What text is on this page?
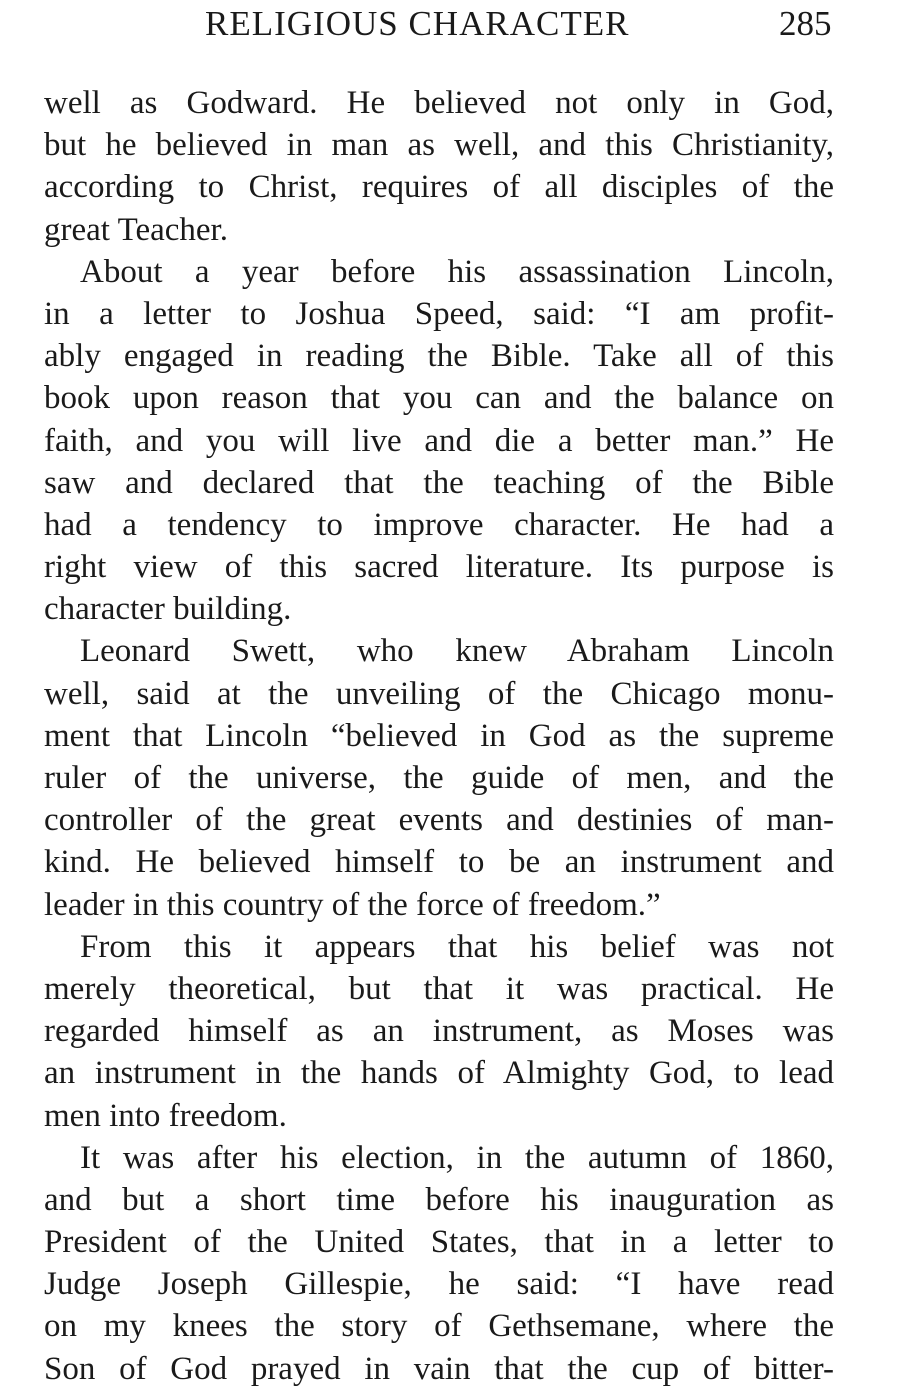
RELIGIOUS CHARACTER	285

well as Godward. He believed not only in God,
but he believed in man as well, and this Christianity,
according to Christ, requires of all disciples of the
great Teacher.

About a year before his assassination Lincoln,
in a letter to Joshua Speed, said: “I am profit-
ably engaged in reading the Bible. Take all of this
book upon reason that you can and the balance on
faith, and you will live and die a better man.” He
saw and declared that the teaching of the Bible
had a tendency to improve character. He had a
right view of this sacred literature. Its purpose is
character building.

Leonard Swett, who knew Abraham Lincoln
well, said at the unveiling of the Chicago monu-
ment that Lincoln “believed in God as the supreme
ruler of the universe, the guide of men, and the
controller of the great events and destinies of man-
kind. He believed himself to be an instrument and
leader in this country of the force of freedom.”

From this it appears that his belief was not
merely theoretical, but that it was practical. He
regarded himself as an instrument, as Moses was
an instrument in the hands of Almighty God, to lead
men into freedom.

It was after his election, in the autumn of 1860,
and but a short time before his inauguration as
President of the United States, that in a letter to
Judge Joseph Gillespie, he said: “I have read
on my knees the story of Gethsemane, where the
Son of God prayed in vain that the cup of bitter-
